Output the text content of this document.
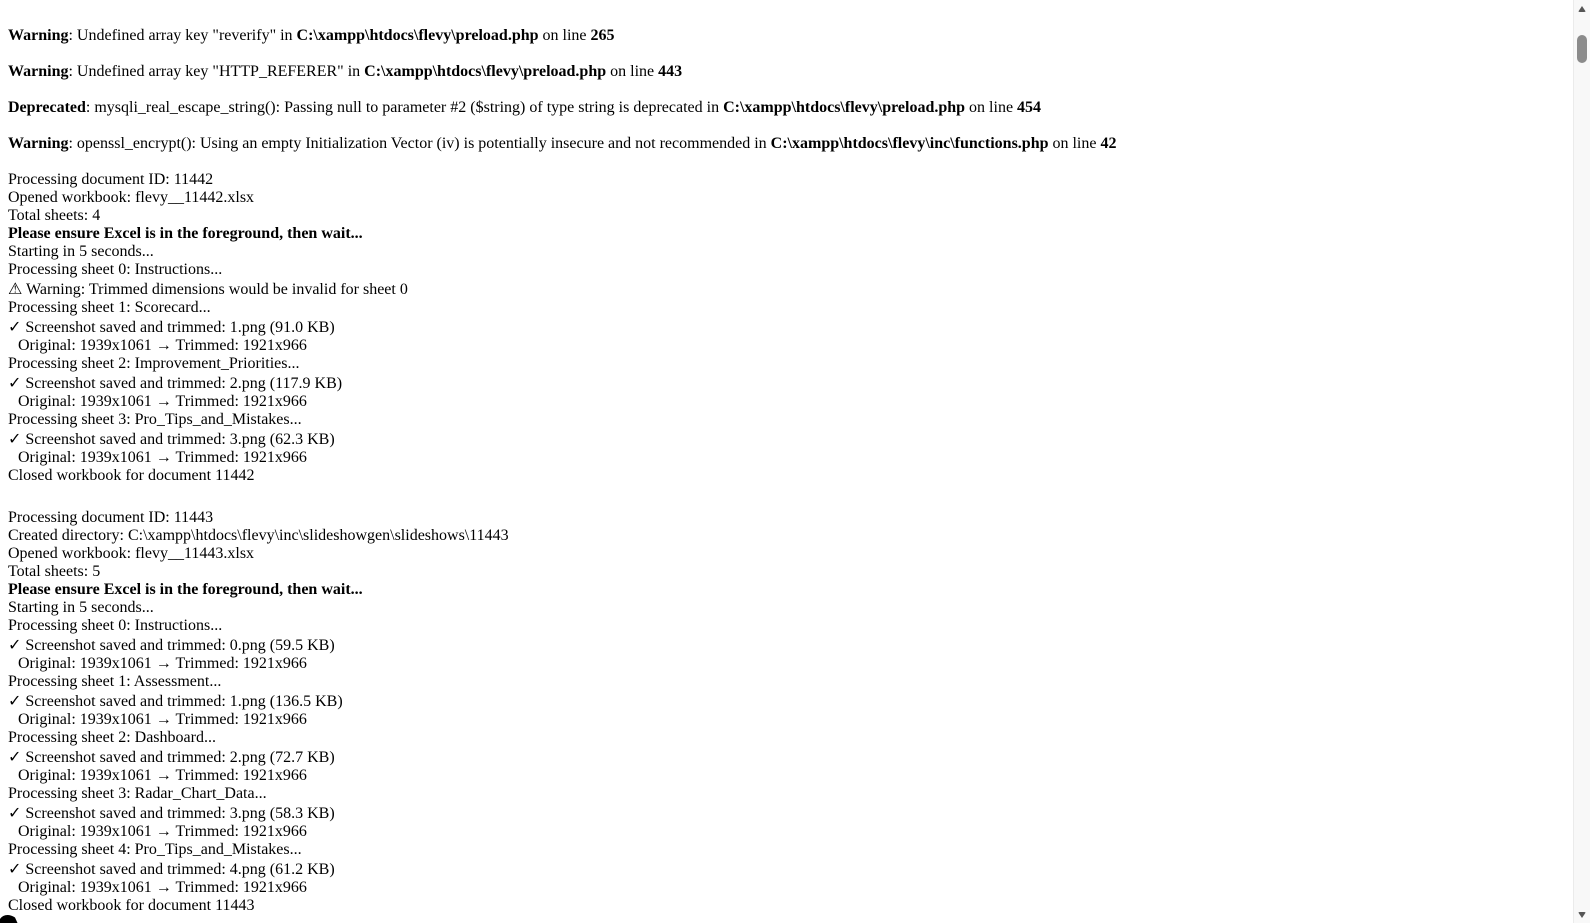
Warning: Undefined array key "reverify" in C:\xampp\htdocs\flevy\preload.php on line 265
Warning: Undefined array key "HTTP_REFERER" in C:\xampp\htdocs\flevy\preload.php on line 443
Deprecated: mysqli_real_escape_string(): Passing null to parameter #2 ($string) of type string is deprecated in C:\xampp\htdocs\flevy\preload.php on line 454
Warning: openssl_encrypt(): Using an empty Initialization Vector (iv) is potentially insecure and not recommended in C:\xampp\htdocs\flevy\inc\functions.php on line 42
Processing document ID: 11442
Opened workbook: flevy__11442.xlsx
Total sheets: 4
Please ensure Excel is in the foreground, then wait...
Starting in 5 seconds...
Processing sheet 0: Instructions...
⚠ Warning: Trimmed dimensions would be invalid for sheet 0
Processing sheet 1: Scorecard...
✓ Screenshot saved and trimmed: 1.png (91.0 KB)
Original: 1939x1061 → Trimmed: 1921x966
Processing sheet 2: Improvement_Priorities...
✓ Screenshot saved and trimmed: 2.png (117.9 KB)
Original: 1939x1061 → Trimmed: 1921x966
Processing sheet 3: Pro_Tips_and_Mistakes...
✓ Screenshot saved and trimmed: 3.png (62.3 KB)
Original: 1939x1061 → Trimmed: 1921x966
Closed workbook for document 11442
Processing document ID: 11443
Created directory: C:\xampp\htdocs\flevy\inc\slideshowgen\slideshows\11443
Opened workbook: flevy__11443.xlsx
Total sheets: 5
Please ensure Excel is in the foreground, then wait...
Starting in 5 seconds...
Processing sheet 0: Instructions...
✓ Screenshot saved and trimmed: 0.png (59.5 KB)
Original: 1939x1061 → Trimmed: 1921x966
Processing sheet 1: Assessment...
✓ Screenshot saved and trimmed: 1.png (136.5 KB)
Original: 1939x1061 → Trimmed: 1921x966
Processing sheet 2: Dashboard...
✓ Screenshot saved and trimmed: 2.png (72.7 KB)
Original: 1939x1061 → Trimmed: 1921x966
Processing sheet 3: Radar_Chart_Data...
✓ Screenshot saved and trimmed: 3.png (58.3 KB)
Original: 1939x1061 → Trimmed: 1921x966
Processing sheet 4: Pro_Tips_and_Mistakes...
✓ Screenshot saved and trimmed: 4.png (61.2 KB)
Original: 1939x1061 → Trimmed: 1921x966
Closed workbook for document 11443
